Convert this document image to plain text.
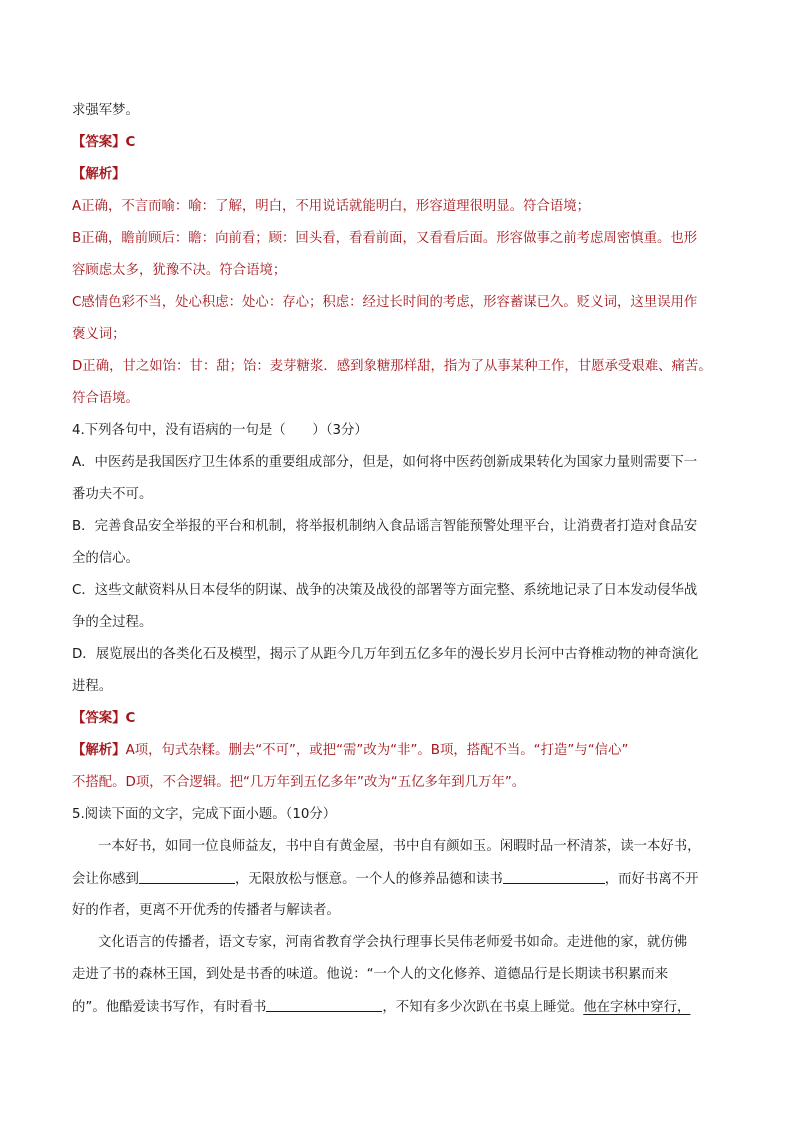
求强军梦。
【答案】C
【解析】
A正确，不言而喻：喻：了解，明白，不用说话就能明白，形容道理很明显。符合语境；
B正确，瞻前顾后：瞻：向前看；顾：回头看，看看前面，又看看后面。形容做事之前考虑周密慎重。也形
容顾虑太多，犹豫不决。符合语境；
C感情色彩不当，处心积虑：处心：存心；积虑：经过长时间的考虑，形容蓄谋已久。贬义词，这里误用作
褒义词；
D正确，甘之如饴：甘：甜；饴：麦芽糖浆．感到象糖那样甜，指为了从事某种工作，甘愿承受艰难、痛苦。
符合语境。
4.下列各句中，没有语病的一句是（　　）（3分）
A．中医药是我国医疗卫生体系的重要组成部分，但是，如何将中医药创新成果转化为国家力量则需要下一
番功夫不可。
B．完善食品安全举报的平台和机制，将举报机制纳入食品谣言智能预警处理平台，让消费者打造对食品安
全的信心。
C．这些文献资料从日本侵华的阴谋、战争的决策及战役的部署等方面完整、系统地记录了日本发动侵华战
争的全过程。
D．展览展出的各类化石及模型，揭示了从距今几万年到五亿多年的漫长岁月长河中古脊椎动物的神奇演化
进程。
【答案】C
【解析】A项，句式杂糅。删去“不可”，或把“需”改为“非”。B项，搭配不当。“打造”与“信心”
不搭配。D项，不合逻辑。把“几万年到五亿多年”改为“五亿多年到几万年”。
5.阅读下面的文字，完成下面小题。（10分）
一本好书，如同一位良师益友，书中自有黄金屋，书中自有颜如玉。闲暇时品一杯清茶，读一本好书，
会让你感到	，无限放松与惬意。一个人的修养品德和读书	，而好书离不开
好的作者，更离不开优秀的传播者与解读者。
文化语言的传播者，语文专家，河南省教育学会执行理事长吴伟老师爱书如命。走进他的家，就仿佛
走进了书的森林王国，到处是书香的味道。他说：“一个人的文化修养、道德品行是长期读书积累而来
的”。他酷爱读书写作，有时看书	，不知有多少次趴在书桌上睡觉。他在字林中穿行，
